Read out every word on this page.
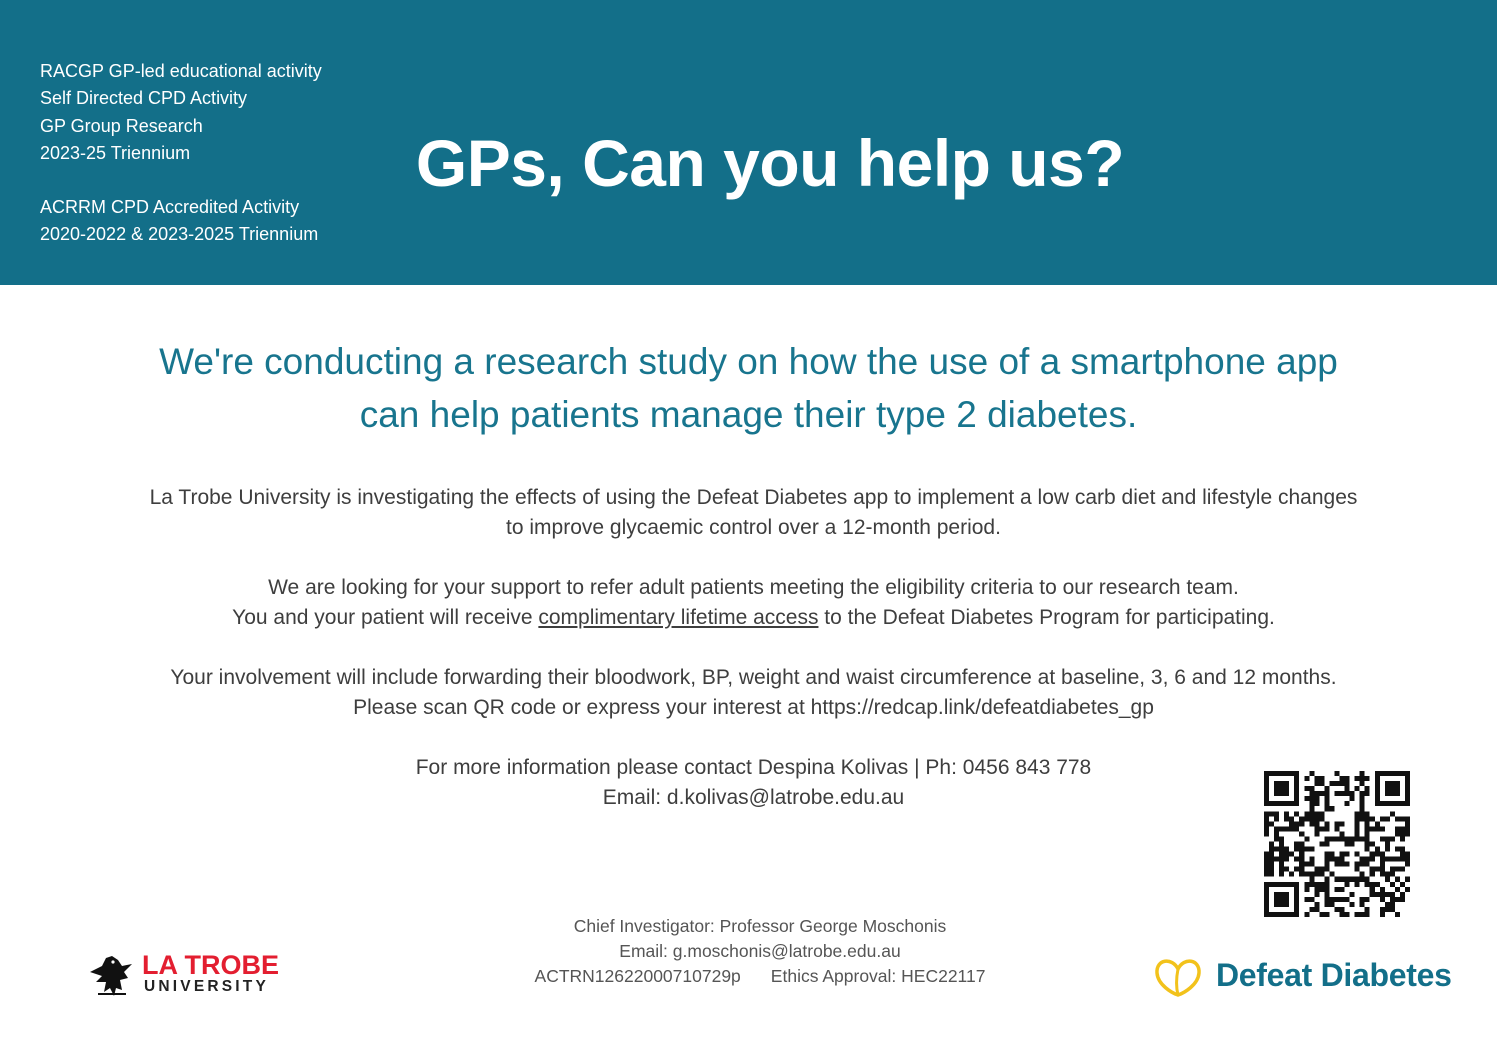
RACGP GP-led educational activity
Self Directed CPD Activity
GP Group Research
2023-25 Triennium
ACRRM CPD Accredited Activity
2020-2022 & 2023-2025 Triennium
GPs, Can you help us?
We're conducting a research study on how the use of a smartphone app
can help patients manage their type 2 diabetes.

La Trobe University is investigating the effects of using the Defeat Diabetes app to implement a low carb diet and lifestyle changes

to improve glycaemic control over a 12-month period.

We are looking for your support to refer adult patients meeting the eligibility criteria to our research team.

You and your patient will receive complimentary lifetime access to the Defeat Diabetes Program for participating.

Your involvement will include forwarding their bloodwork, BP, weight and waist circumference at baseline, 3, 6 and 12 months.

Please scan QR code or express your interest at https://redcap.link/defeatdiabetes_gp

For more information please contact Despina Kolivas | Ph: 0456 843 778

Email: d.kolivas@latrobe.edu.au

Chief Investigator: Professor George Moschonis
Email: g.moschonis@latrobe.edu.au
ACTRN12622000710729p Ethics Approval: HEC22117
LA TROBE
UNIVERSITY	Defeat Diabetes
